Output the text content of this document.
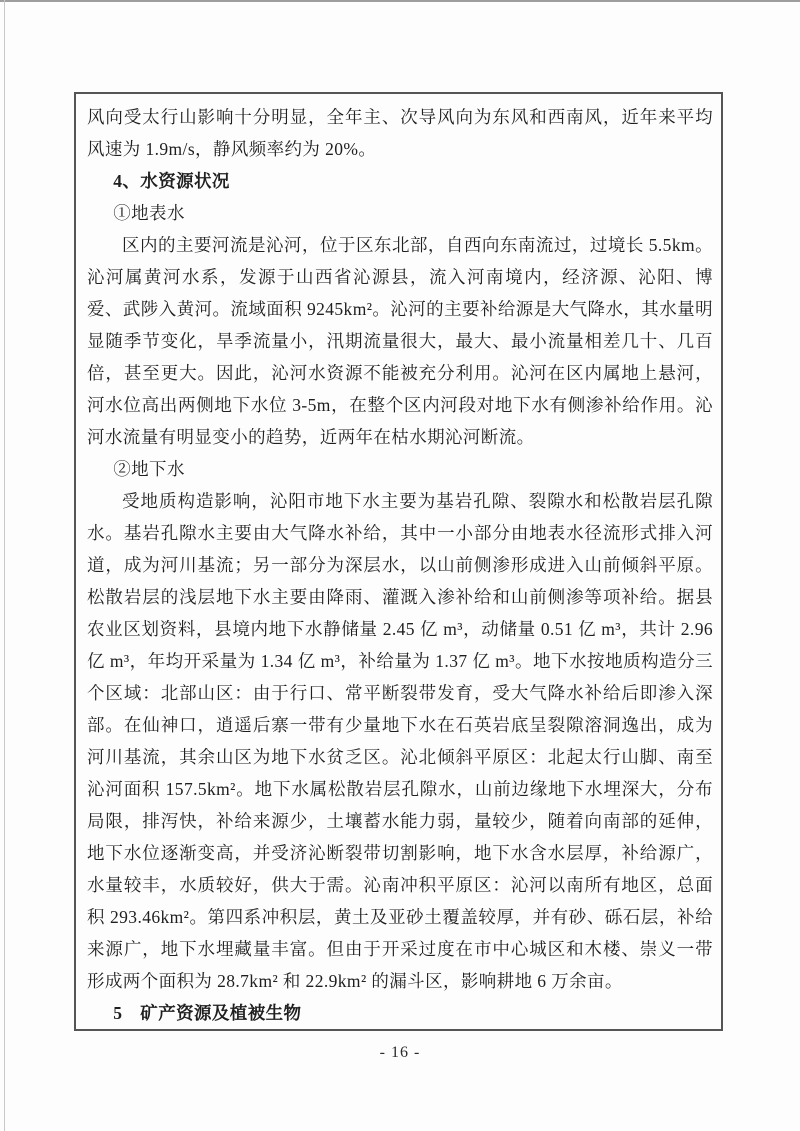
风向受太行山影响十分明显，全年主、次导风向为东风和西南风，近年来平均风速为 1.9m/s，静风频率约为 20%。

4、水资源状况

①地表水

区内的主要河流是沁河，位于区东北部，自西向东南流过，过境长 5.5km。沁河属黄河水系，发源于山西省沁源县，流入河南境内，经济源、沁阳、博爱、武陟入黄河。流域面积 9245km²。沁河的主要补给源是大气降水，其水量明显随季节变化，旱季流量小，汛期流量很大，最大、最小流量相差几十、几百倍，甚至更大。因此，沁河水资源不能被充分利用。沁河在区内属地上悬河，河水位高出两侧地下水位 3-5m，在整个区内河段对地下水有侧渗补给作用。沁河水流量有明显变小的趋势，近两年在枯水期沁河断流。

②地下水

受地质构造影响，沁阳市地下水主要为基岩孔隙、裂隙水和松散岩层孔隙水。基岩孔隙水主要由大气降水补给，其中一小部分由地表水径流形式排入河道，成为河川基流；另一部分为深层水，以山前侧渗形成进入山前倾斜平原。松散岩层的浅层地下水主要由降雨、灌溉入渗补给和山前侧渗等项补给。据县农业区划资料，县境内地下水静储量 2.45 亿 m³，动储量 0.51 亿 m³，共计 2.96 亿 m³，年均开采量为 1.34 亿 m³，补给量为 1.37 亿 m³。地下水按地质构造分三个区域：北部山区：由于行口、常平断裂带发育，受大气降水补给后即渗入深部。在仙神口，逍遥后寨一带有少量地下水在石英岩底呈裂隙溶洞逸出，成为河川基流，其余山区为地下水贫乏区。沁北倾斜平原区：北起太行山脚、南至沁河面积 157.5km²。地下水属松散岩层孔隙水，山前边缘地下水埋深大，分布局限，排泻快，补给来源少，土壤蓄水能力弱，量较少，随着向南部的延伸，地下水位逐渐变高，并受济沁断裂带切割影响，地下水含水层厚，补给源广，水量较丰，水质较好，供大于需。沁南冲积平原区：沁河以南所有地区，总面积 293.46km²。第四系冲积层，黄土及亚砂土覆盖较厚，并有砂、砾石层，补给来源广，地下水埋藏量丰富。但由于开采过度在市中心城区和木楼、崇义一带形成两个面积为 28.7km² 和 22.9km² 的漏斗区，影响耕地 6 万余亩。

5　矿产资源及植被生物

- 16 -
